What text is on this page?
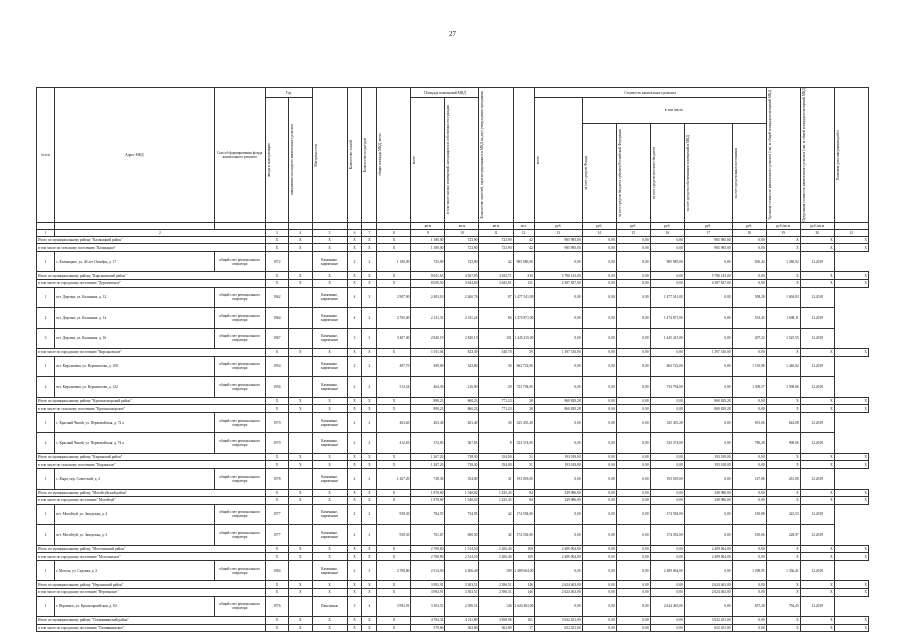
27
№ п/п	Адрес МКД	Способ формирования фонда капитального ремонта	Год		Материал стен	Количество этажей	Количество подъездов	общая площадь МКД, всего	Площадь помещений МКД		Количество жителей, зарегистрированных в МКД на дату утверждения программы		Стоимость капитального ремонта						Удельная стоимость капитального ремонта 1 кв. м общей площади помещений МКД	Предельная стоимость капитального ремонта 1 кв. м общей площади помещений МКД	Плановая дата завершения работ

			ввода в эксплуатацию	завершения последнего капитального ремонта					всего	в том числе жилых помещений, находящихся в собственности граждан			всего	в том числе:							

														за счет средств Фонда	за счет средств бюджета субъекта Российской Федерации	за счет средств местного бюджета	за счет средств собственников помещений в МКД	за счет средств иных источников			

									кв.м	кв.м	кв.м	чел.	руб.	руб.	руб.	руб.	руб.	руб.	руб./кв.м	руб./кв.м	
1	2		3	4	5	6	7	8	9	10	11	12	13	14	15	16	17	18	19	20	21
Итого по муниципальному району "Калмыцкий район"			X	X	X	X	X	X	1 180,00	723,90	723,90	42	985 985,00	0,00	0,00	0,00	985 985,00	0,00	X	X	X
в том числе по сельскому поселению "Калмыцкое"			X	X	X	X	X	X	1 180,00	723,90	723,90	42	985 985,00	0,00	0,00	0,00	985 985,00	0,00	X	X	X
1	с. Калмыцкое, ул. 40 лет Октября, д. 17	общий счет регионального оператора	1972		Каменные, кирпичные	2	2	1 180,00	723,90	723,90	42	985 985,00	0,00	0,00	0,00	985 985,00	0,00	836,42	1 286,92	12.2018	
Итого по муниципальному району "Кирсановский район"			X	X	X	X	X	X	9 041,63	4 567,85	4 182,71	210	5 786 143,00	0,00	0,00	0,00	5 786 143,00	0,00	X	X	X
в том числе по городскому поселению "Дергачевское"			X	X	X	X	X	X	8 050,50	3 644,60	3 643,01	151	4 387 827,00	0,00	0,00	0,00	4 387 827,00	0,00	X	X	X
1	пгт. Дергачи, ул. Калинина, д. 12	общий счет регионального оператора	1962		Каменные, кирпичные	4	3	2 907,00	2 403,10	2 260,76	87	1 477 541,00	0,00	0,00	0,00	1 477 541,00	0,00	508,28	1 604,83	12.2018	
2	пгт. Дергачи, ул. Калинина, д. 14	общий счет регионального оператора	1964		Каменные, кирпичные	4	2	2 765,00	2 121,31	2 411,24	84	1 474 871,00	0,00	0,00	0,00	1 474 871,00	0,00	533,45	1 698,11	12.2018	
3	пгт. Дергачи, ул. Калинина, д. 16	общий счет регионального оператора	1967		Каменные, кирпичные	3	3	3 407,00	2 820,19	2 820,19	101	1 445 415,00	0,00	0,00	0,00	1 445 415,00	0,00	497,22	1 525,55	12.2018	
в том числе по городскому поселению "Кирсановское"			X	X	X	X	X	X	1 011,04	823,39	540,70	59	1 397 316,00	0,00	0,00	0,00	1 397 316,00	0,00	X	X	X
1	пгт. Кирсановка, ул. Ворошилова, д. 100	общий счет регионального оператора	1954		Каменные, кирпичные	2	2	497,70	499,00	343,80	30	663 722,00	0,00	0,00	0,00	663 722,00	0,00	1 155,88	1 446,02	12.2018	
2	пгт. Кирсановка, ул. Ворошилова, д. 122	общий счет регионального оператора	1956		Каменные, кирпичные	2	2	513,34	464,30	216,90	29	733 794,00	0,00	0,00	0,00	733 794,00	0,00	1 309,57	1 598,86	12.2018	
Итого по муниципальному району "Краснопахорский район"			X	X	X	X	X	X	890,23	860,23	771,23	38	860 829,28	0,00	0,00	0,00	860 829,28	0,00	X	X	X
в том числе по сельскому поселению "Краснопахорское"			X	X	X	X	X	X	890,23	860,23	771,23	38	860 829,28	0,00	0,00	0,00	860 829,28	0,00	X	X	X
1	с. Красный Чикой, ул. Первомайская, д. 72 а	общий счет регионального оператора	1970		Каменные, кирпичные	2	2	463,40	463,40	403,40	30	325 455,28	0,00	0,00	0,00	325 455,28	0,00	691,06	644,08	12.2018	
2	с. Красный Чикой, ул. Первомайская, д. 74 а	общий счет регионального оператора	1970		Каменные, кирпичные	2	2	412,83	374,83	367,83	8	523 374,00	0,00	0,00	0,00	523 374,00	0,00	786,28	908,06	12.2018	
Итого по муниципальному району "Кыринский район"			X	X	X	X	X	X	1 267,20	738,30	354,00	31	193 018,00	0,00	0,00	0,00	193 018,00	0,00	X	X	X
в том числе по сельскому поселению "Кыринское"			X	X	X	X	X	X	1 267,20	738,30	354,00	31	193 018,00	0,00	0,00	0,00	193 018,00	0,00	X	X	X
1	с. Кыра, пер. Советский, д. 2	общий счет регионального оператора	1978		Каменные, кирпичные	2	2	1 267,20	738,30	354,00	31	193 018,00	0,00	0,00	0,00	193 018,00	0,00	147,86	261,08	12.2018	
Итого по муниципальному району "Могойтуйский район"			X	X	X	X	X	X	1 878,60	1 540,02	1 435,45	84	349 986,00	0,00	0,00	0,00	349 986,00	0,00	X	X	X
в том числе по городскому поселению "Могойтуй"			X	X	X	X	X	X	1 878,60	1 540,02	1 435,45	84	349 986,00	0,00	0,00	0,00	349 986,00	0,00	X	X	X
1	пгт. Могойтуй, ул. Заводская, д. 4	общий счет регионального оператора	1977		Каменные, кирпичные	2	2	939,30	784,55	734,95	42	174 594,00	0,00	0,00	0,00	174 594,00	0,00	185,88	222,53	12.2018	
2	пгт. Могойтуй, ул. Заводская, д. 5	общий счет регионального оператора	1977		Каменные, кирпичные	2	2	939,30	761,67	690,50	42	174 392,00	0,00	0,00	0,00	174 392,00	0,00	185,66	228,97	12.2018	
Итого по муниципальному району "Могочинский район"			X	X	X	X	X	X	2 708,80	1 514,50	2 206,40	109	2 489 064,00	0,00	0,00	0,00	2 489 064,00	0,00	X	X	X
в том числе по городскому поселению "Могочинское"			X	X	X	X	X	X	2 708,80	2 514,50	2 206,40	109	2 489 064,00	0,00	0,00	0,00	2 489 064,00	0,00	X	X	X
1	г. Могоча, ул. Садовая, д. 2	общий счет регионального оператора	1984		Каменные, кирпичные	2	3	2 708,80	2 514,50	2 206,40	109	2 489 064,00	0,00	0,00	0,00	2 489 064,00	0,00	1 298,05	1 336,41	12.2018	
Итого по муниципальному району "Нерчинский район"			X	X	X	X	X	X	3 992,91	3 303,51	2 396,51	146	2 624 463,00	0,00	0,00	0,00	2 624 463,00	0,00	X	X	X
в том числе по городскому поселению "Нерчинское"			X	X	X	X	X	X	3 992,91	3 303,51	2 396,51	146	2 624 463,00	0,00	0,00	0,00	2 624 463,00	0,00	X	X	X
1	г. Нерчинск, ул. Красноармейская, д. 84	общий счет регионального оператора	1976		Панельные	3	4	3 992,91	3 303,51	2 396,51	146	2 624 463,00	0,00	0,00	0,00	2 624 463,00	0,00	657,28	794,45	12.2018	
Итого по муниципальному району "Оловяннинский район"			X	X	X	X	X	X	4 704,34	4 211,80	3 858,96	161	3 632 451,00	0,00	0,00	0,00	3 632 451,00	0,00	X	X	X
в том числе по городскому поселению "Оловяннинское"			X	X	X	X	X	X	379,66	362,80	362,80	17	652 451,00	0,00	0,00	0,00	652 451,00	0,00	X	X	X
